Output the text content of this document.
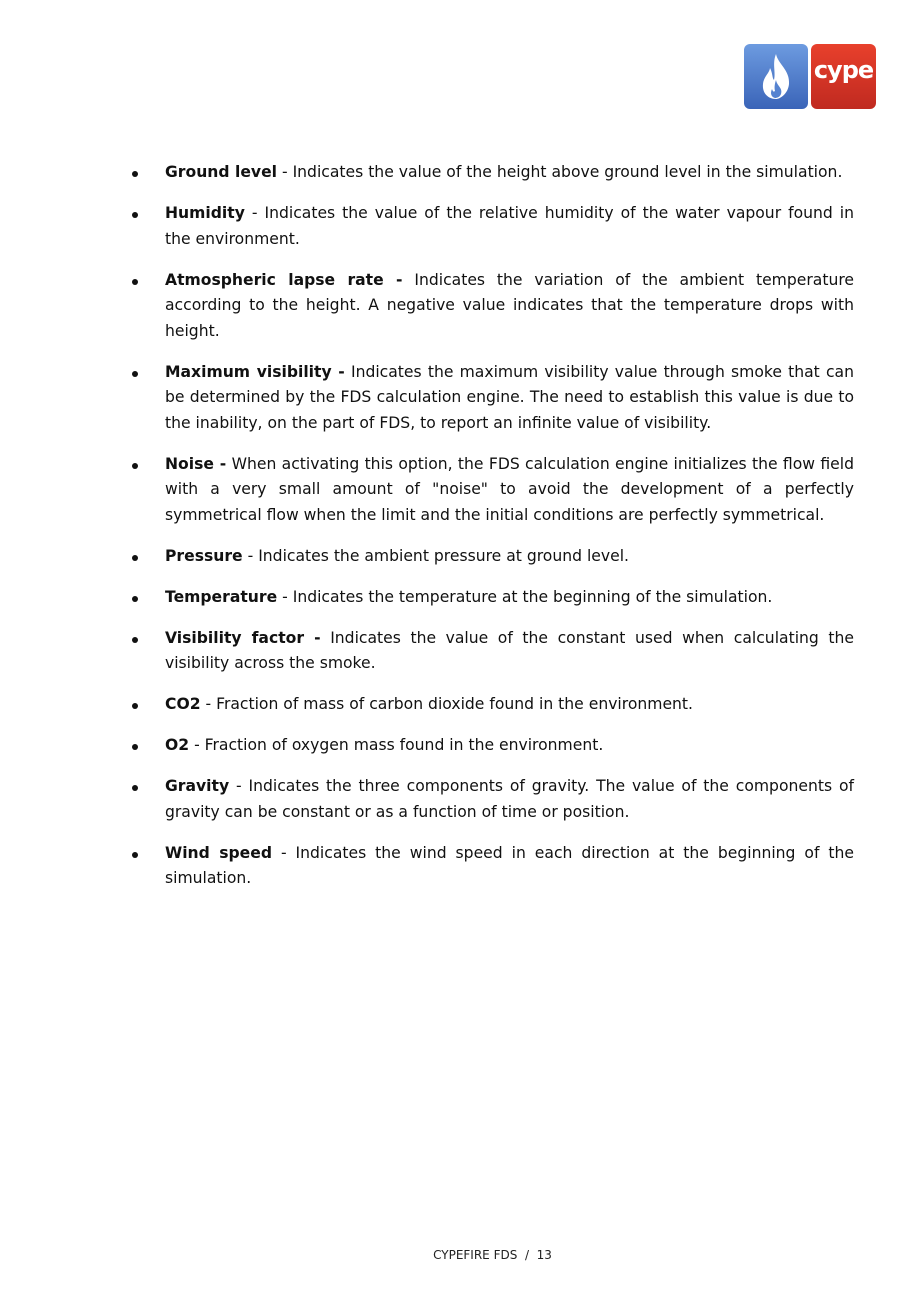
cype
Ground level - Indicates the value of the height above ground level in the simulation.
Humidity - Indicates the value of the relative humidity of the water vapour found in the environment.
Atmospheric lapse rate - Indicates the variation of the ambient temperature according to the height. A negative value indicates that the temperature drops with height.
Maximum visibility - Indicates the maximum visibility value through smoke that can be determined by the FDS calculation engine. The need to establish this value is due to the inability, on the part of FDS, to report an infinite value of visibility.
Noise - When activating this option, the FDS calculation engine initializes the flow field with a very small amount of "noise" to avoid the development of a perfectly symmetrical flow when the limit and the initial conditions are perfectly symmetrical.
Pressure - Indicates the ambient pressure at ground level.
Temperature - Indicates the temperature at the beginning of the simulation.
Visibility factor - Indicates the value of the constant used when calculating the visibility across the smoke.
CO2 - Fraction of mass of carbon dioxide found in the environment.
O2 - Fraction of oxygen mass found in the environment.
Gravity - Indicates the three components of gravity. The value of the components of gravity can be constant or as a function of time or position.
Wind speed - Indicates the wind speed in each direction at the beginning of the simulation.
CYPEFIRE FDS  /  13
